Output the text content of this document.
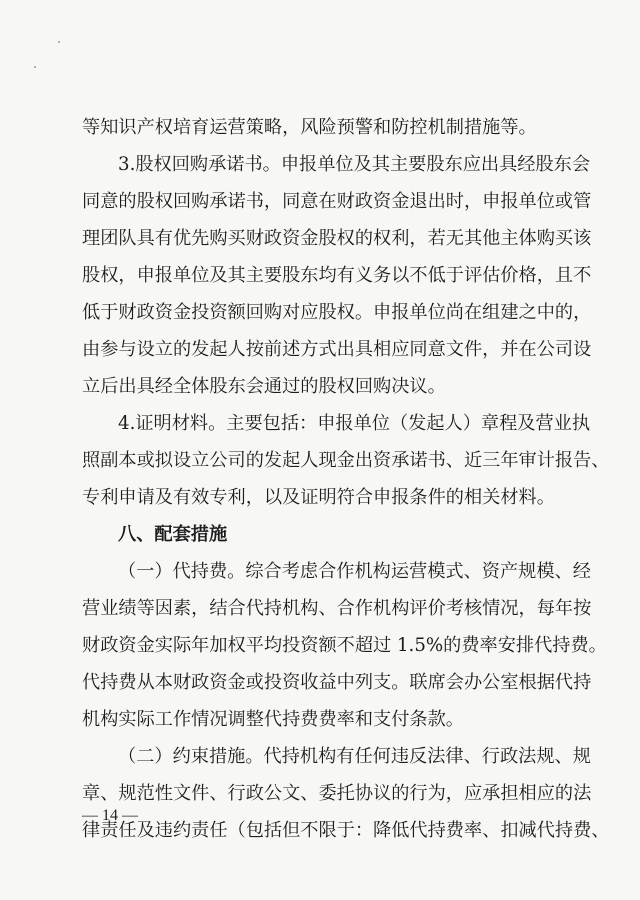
等知识产权培育运营策略，风险预警和防控机制措施等。
3.股权回购承诺书。申报单位及其主要股东应出具经股东会
同意的股权回购承诺书，同意在财政资金退出时，申报单位或管
理团队具有优先购买财政资金股权的权利，若无其他主体购买该
股权，申报单位及其主要股东均有义务以不低于评估价格，且不
低于财政资金投资额回购对应股权。申报单位尚在组建之中的，
由参与设立的发起人按前述方式出具相应同意文件，并在公司设
立后出具经全体股东会通过的股权回购决议。
4.证明材料。主要包括：申报单位（发起人）章程及营业执
照副本或拟设立公司的发起人现金出资承诺书、近三年审计报告、
专利申请及有效专利，以及证明符合申报条件的相关材料。
八、配套措施
（一）代持费。综合考虑合作机构运营模式、资产规模、经
营业绩等因素，结合代持机构、合作机构评价考核情况，每年按
财政资金实际年加权平均投资额不超过 1.5%的费率安排代持费。
代持费从本财政资金或投资收益中列支。联席会办公室根据代持
机构实际工作情况调整代持费费率和支付条款。
（二）约束措施。代持机构有任何违反法律、行政法规、规
章、规范性文件、行政公文、委托协议的行为，应承担相应的法
律责任及违约责任（包括但不限于：降低代持费率、扣减代持费、
— 14 —
